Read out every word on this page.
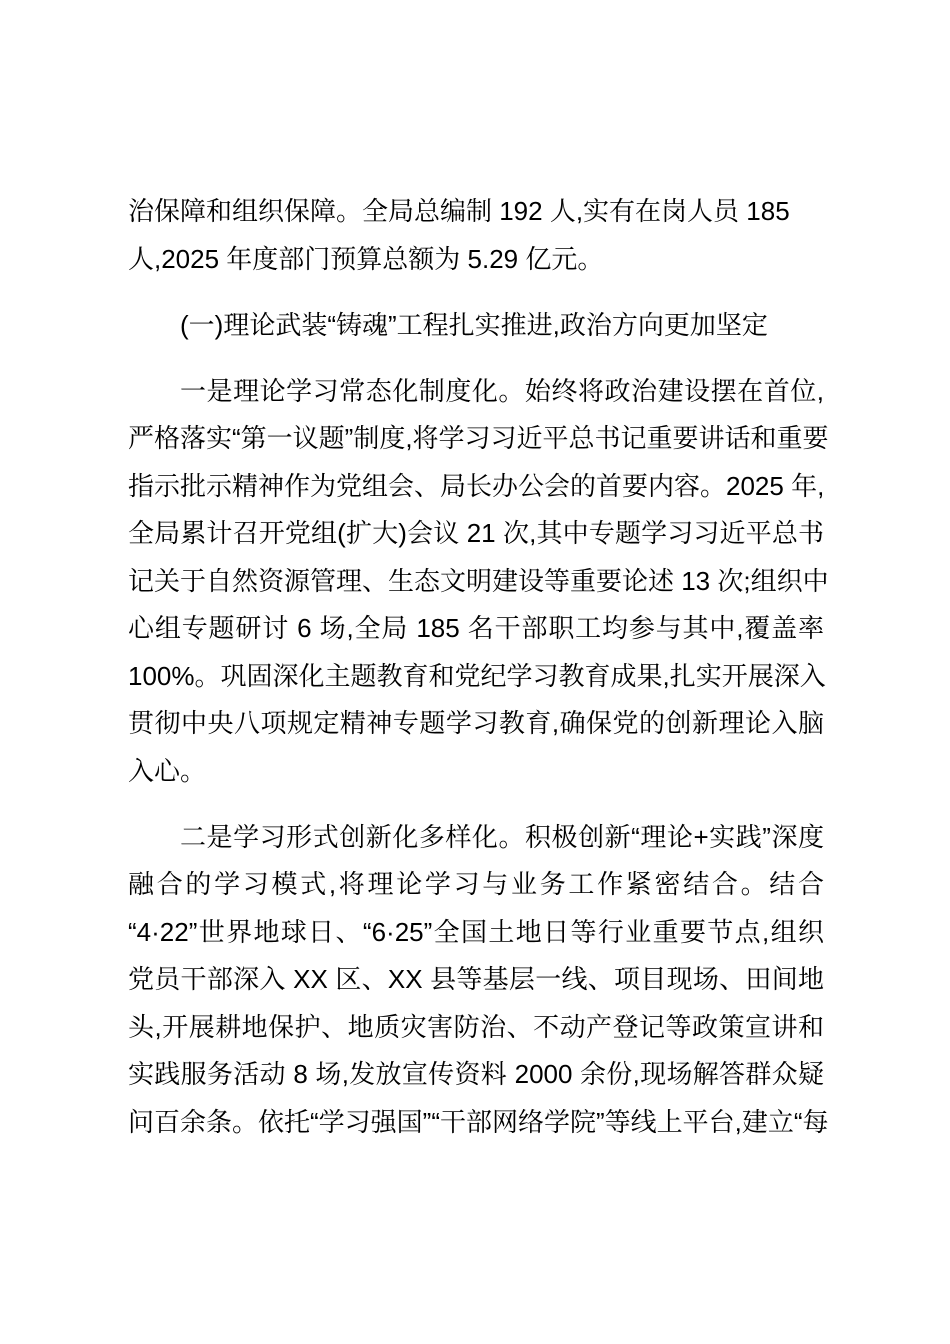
治保障和组织保障。全局总编制 192 人,实有在岗人员 185
人,2025 年度部门预算总额为 5.29 亿元。
(一)理论武装“铸魂”工程扎实推进,政治方向更加坚定
一是理论学习常态化制度化。始终将政治建设摆在首位,
严格落实“第一议题”制度,将学习习近平总书记重要讲话和重要
指示批示精神作为党组会、局长办公会的首要内容。2025 年,
全局累计召开党组(扩大)会议 21 次,其中专题学习习近平总书
记关于自然资源管理、生态文明建设等重要论述 13 次;组织中
心组专题研讨 6 场,全局 185 名干部职工均参与其中,覆盖率
100%。巩固深化主题教育和党纪学习教育成果,扎实开展深入
贯彻中央八项规定精神专题学习教育,确保党的创新理论入脑
入心。
二是学习形式创新化多样化。积极创新“理论+实践”深度
融合的学习模式,将理论学习与业务工作紧密结合。结合
“4·22”世界地球日、“6·25”全国土地日等行业重要节点,组织
党员干部深入 XX 区、XX 县等基层一线、项目现场、田间地
头,开展耕地保护、地质灾害防治、不动产登记等政策宣讲和
实践服务活动 8 场,发放宣传资料 2000 余份,现场解答群众疑
问百余条。依托“学习强国”“干部网络学院”等线上平台,建立“每
